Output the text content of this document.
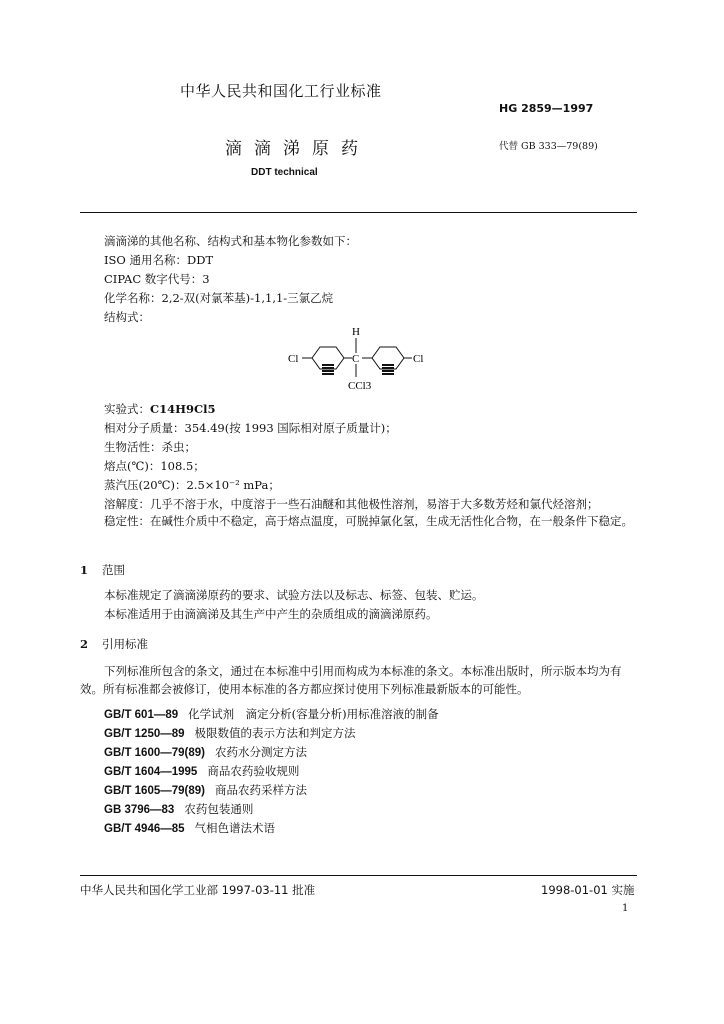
中华人民共和国化工行业标准
HG 2859—1997
滴滴涕原药	代替 GB 333—79(89)
DDT technical
滴滴涕的其他名称、结构式和基本物化参数如下：
ISO 通用名称：DDT
CIPAC 数字代号：3
化学名称：2,2-双(对氯苯基)-1,1,1-三氯乙烷
结构式：
H
Cl	C	Cl
CCl3
实验式：C14H9Cl5
相对分子质量：354.49(按 1993 国际相对原子质量计)；
生物活性：杀虫；
熔点(℃)：108.5；
蒸汽压(20℃)：2.5×10⁻² mPa；
溶解度：几乎不溶于水，中度溶于一些石油醚和其他极性溶剂，易溶于大多数芳烃和氯代烃溶剂；
稳定性：在碱性介质中不稳定，高于熔点温度，可脱掉氯化氢，生成无活性化合物，在一般条件下稳定。
1 范围
本标准规定了滴滴涕原药的要求、试验方法以及标志、标签、包装、贮运。
本标准适用于由滴滴涕及其生产中产生的杂质组成的滴滴涕原药。
2 引用标准
下列标准所包含的条文，通过在本标准中引用而构成为本标准的条文。本标准出版时，所示版本均为有效。所有标准都会被修订，使用本标准的各方都应探讨使用下列标准最新版本的可能性。
GB/T 601—89 化学试剂　滴定分析(容量分析)用标准溶液的制备
GB/T 1250—89 极限数值的表示方法和判定方法
GB/T 1600—79(89) 农药水分测定方法
GB/T 1604—1995 商品农药验收规则
GB/T 1605—79(89) 商品农药采样方法
GB 3796—83 农药包装通则
GB/T 4946—85 气相色谱法术语
中华人民共和国化学工业部 1997-03-11 批准	1998-01-01 实施
1
